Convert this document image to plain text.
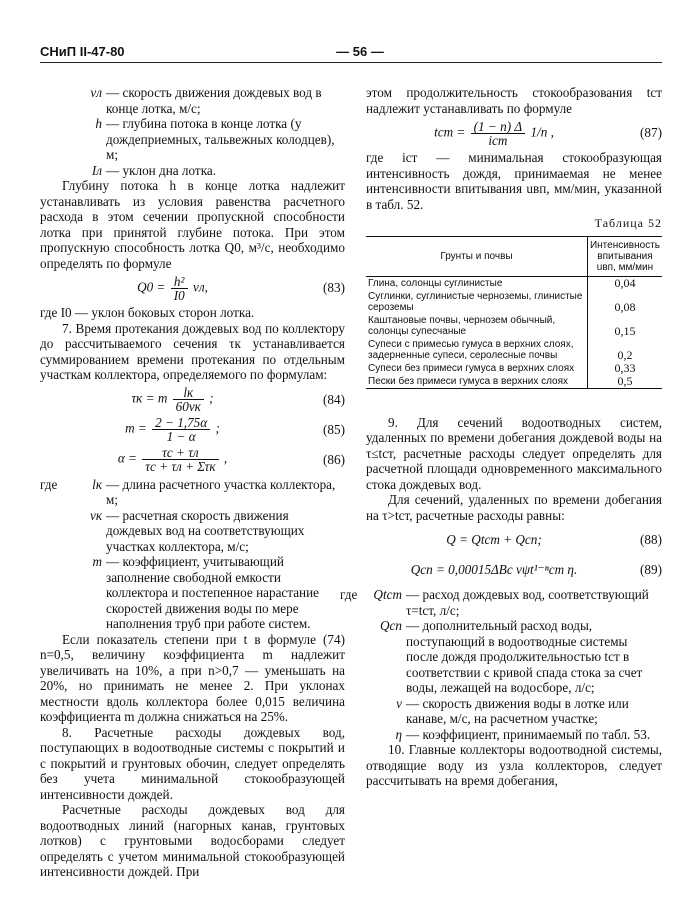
СНиП II-47-80	— 56 —
vл — скорость движения дождевых вод в конце лотка, м/с;
h — глубина потока в конце лотка (у дождеприемных, тальвежных колодцев), м;
Iл — уклон дна лотка.

Глубину потока h в конце лотка надлежит устанавливать из условия равенства расчетного расхода в этом сечении пропускной способности лотка при принятой глубине потока. При этом пропускную способность лотка Q0, м³/с, необходимо определять по формуле

$Q0 = \frac{\text{h²}}{I0}$ vл,	(83)

где I0 — уклон боковых сторон лотка.

7. Время протекания дождевых вод по коллектору до рассчитываемого сечения τк устанавливается суммированием времени протекания по отдельным участкам коллектора, определяемого по формулам:

τк = m $\frac{lк}{60vк}$ ;	(84)
$m = \frac{2 - 1,75\alpha}{1 - \alpha}$ ;	(85)
$\alpha = \frac{\tau с + \tau л}{\text{τс + τл + Στк}}$ ,	(86)
где	lк — длина расчетного участка коллектора, м;
vк — расчетная скорость движения дождевых вод на соответствующих участках коллектора, м/с;
m — коэффициент, учитывающий заполнение свободной емкости коллектора и постепенное нарастание скоростей движения воды по мере наполнения труб при работе систем.

Если показатель степени при t в формуле (74) n=0,5, величину коэффициента m надлежит увеличивать на 10%, а при n>0,7 — уменьшать на 20%, но принимать не менее 2. При уклонах местности вдоль коллектора более 0,015 величина коэффициента m должна снижаться на 25%.

8. Расчетные расходы дождевых вод, поступающих в водоотводные системы с покрытий и с покрытий и грунтовых обочин, следует определять без учета минимальной стокообразующей интенсивности дождей.

Расчетные расходы дождевых вод для водоотводных линий (нагорных канав, грунтовых лотков) с грунтовыми водосборами следует определять с учетом минимальной стокообразующей интенсивности дождей. При

этом продолжительность стокообразования tст надлежит устанавливать по формуле

tст = $\frac{(1 - n) \Delta}{\text{iст}} 1/n$ ,	(87)

где iст — минимальная стокообразующая интенсивность дождя, принимаемая не менее интенсивности впитывания uвп, мм/мин, указанной в табл. 52.

Таблица 52
Грунты и почвы	Интенсивность впитывания uвп, мм/мин
Глина, солонцы суглинистые	0,04
Суглинки, суглинистые черноземы, глинистые сероземы	0,08
Каштановые почвы, чернозем обычный, солонцы супесчаные	0,15
Супеси с примесью гумуса в верхних слоях, задерненные супеси, серолесные почвы	0,2
Супеси без примеси гумуса в верхних слоях	0,33
Пески без примеси гумуса в верхних слоях	0,5

9. Для сечений водоотводных систем, удаленных по времени добегания дождевой воды на τ≤tст, расчетные расходы следует определять для расчетной площади одновременного максимального стока дождевых вод.

Для сечений, удаленных по времени добегания на τ>tст, расчетные расходы равны:

Q = Qtст + Qсп;	(88)
Qсп = 0,00015ΔBс vψt¹⁻ⁿст η.	(89)
где	Qtст — расход дождевых вод, соответствующий τ=tст, л/с;
Qсп — дополнительный расход воды, поступающий в водоотводные системы после дождя продолжительностью tст в соответствии с кривой спада стока за счет воды, лежащей на водосборе, л/с;
v — скорость движения воды в лотке или канаве, м/с, на расчетном участке;
η — коэффициент, принимаемый по табл. 53.

10. Главные коллекторы водоотводной системы, отводящие воду из узла коллекторов, следует рассчитывать на время добегания,
